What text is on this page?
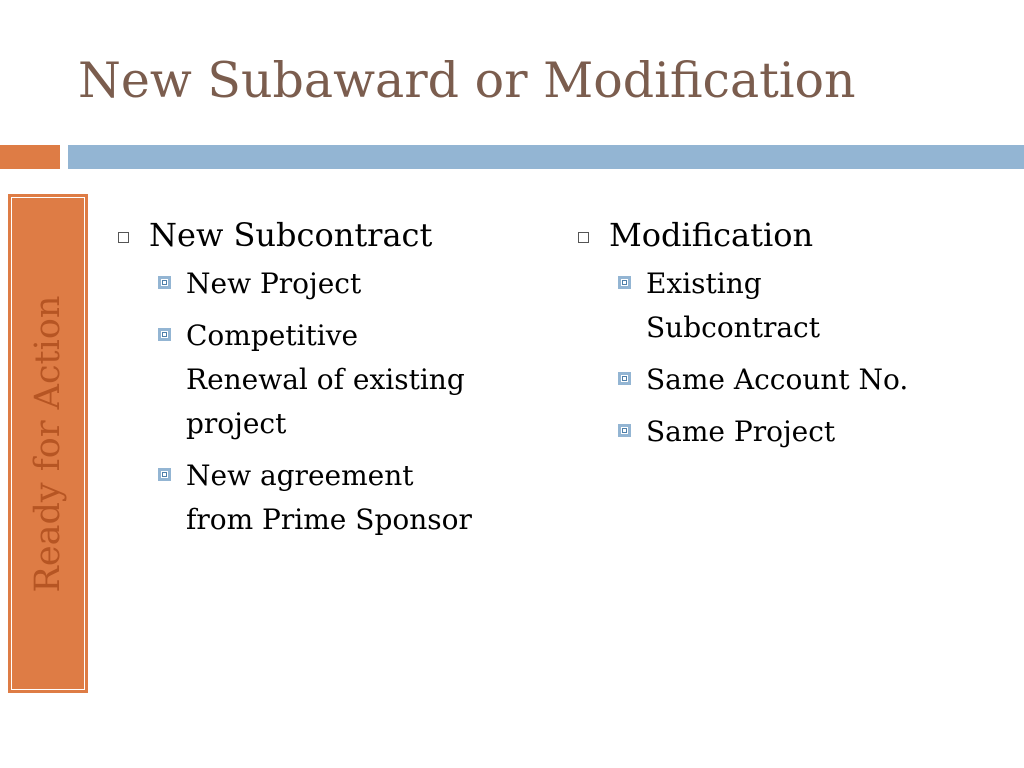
New Subaward or Modification
Ready for Action
New Subcontract
New Project
Competitive
Renewal of existing
project
New agreement
from Prime Sponsor
Modification
Existing
Subcontract
Same Account No.
Same Project
